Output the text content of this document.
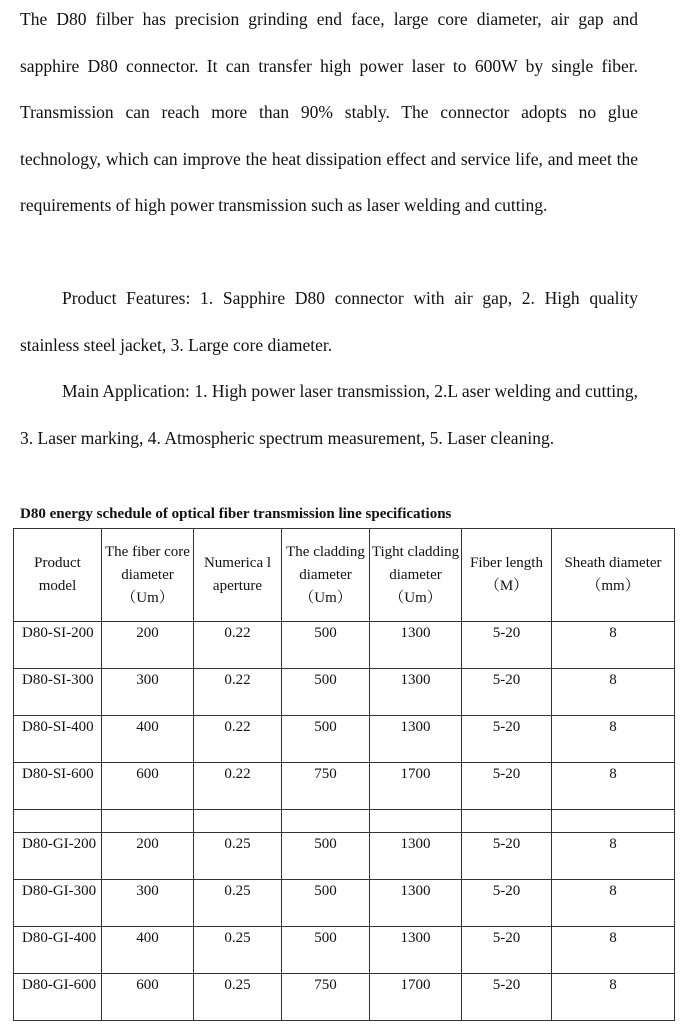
The D80 filber has precision grinding end face, large core diameter, air gap and sapphire D80 connector. It can transfer high power laser to 600W by single fiber. Transmission can reach more than 90% stably. The connector adopts no glue technology, which can improve the heat dissipation effect and service life, and meet the requirements of high power transmission such as laser welding and cutting.

Product Features: 1. Sapphire D80 connector with air gap, 2. High quality stainless steel jacket, 3. Large core diameter.

Main Application: 1. High power laser transmission, 2.L aser welding and cutting, 3. Laser marking, 4. Atmospheric spectrum measurement, 5. Laser cleaning.

D80 energy schedule of optical fiber transmission line specifications

Product model	The fiber core diameter （Um）	Numerica l aperture	The cladding diameter （Um）	Tight cladding diameter （Um）	Fiber length （M）	Sheath diameter （mm）
D80-SI-200	200	0.22	500	1300	5-20	8
D80-SI-300	300	0.22	500	1300	5-20	8
D80-SI-400	400	0.22	500	1300	5-20	8
D80-SI-600	600	0.22	750	1700	5-20	8

D80-GI-200	200	0.25	500	1300	5-20	8
D80-GI-300	300	0.25	500	1300	5-20	8
D80-GI-400	400	0.25	500	1300	5-20	8
D80-GI-600	600	0.25	750	1700	5-20	8
